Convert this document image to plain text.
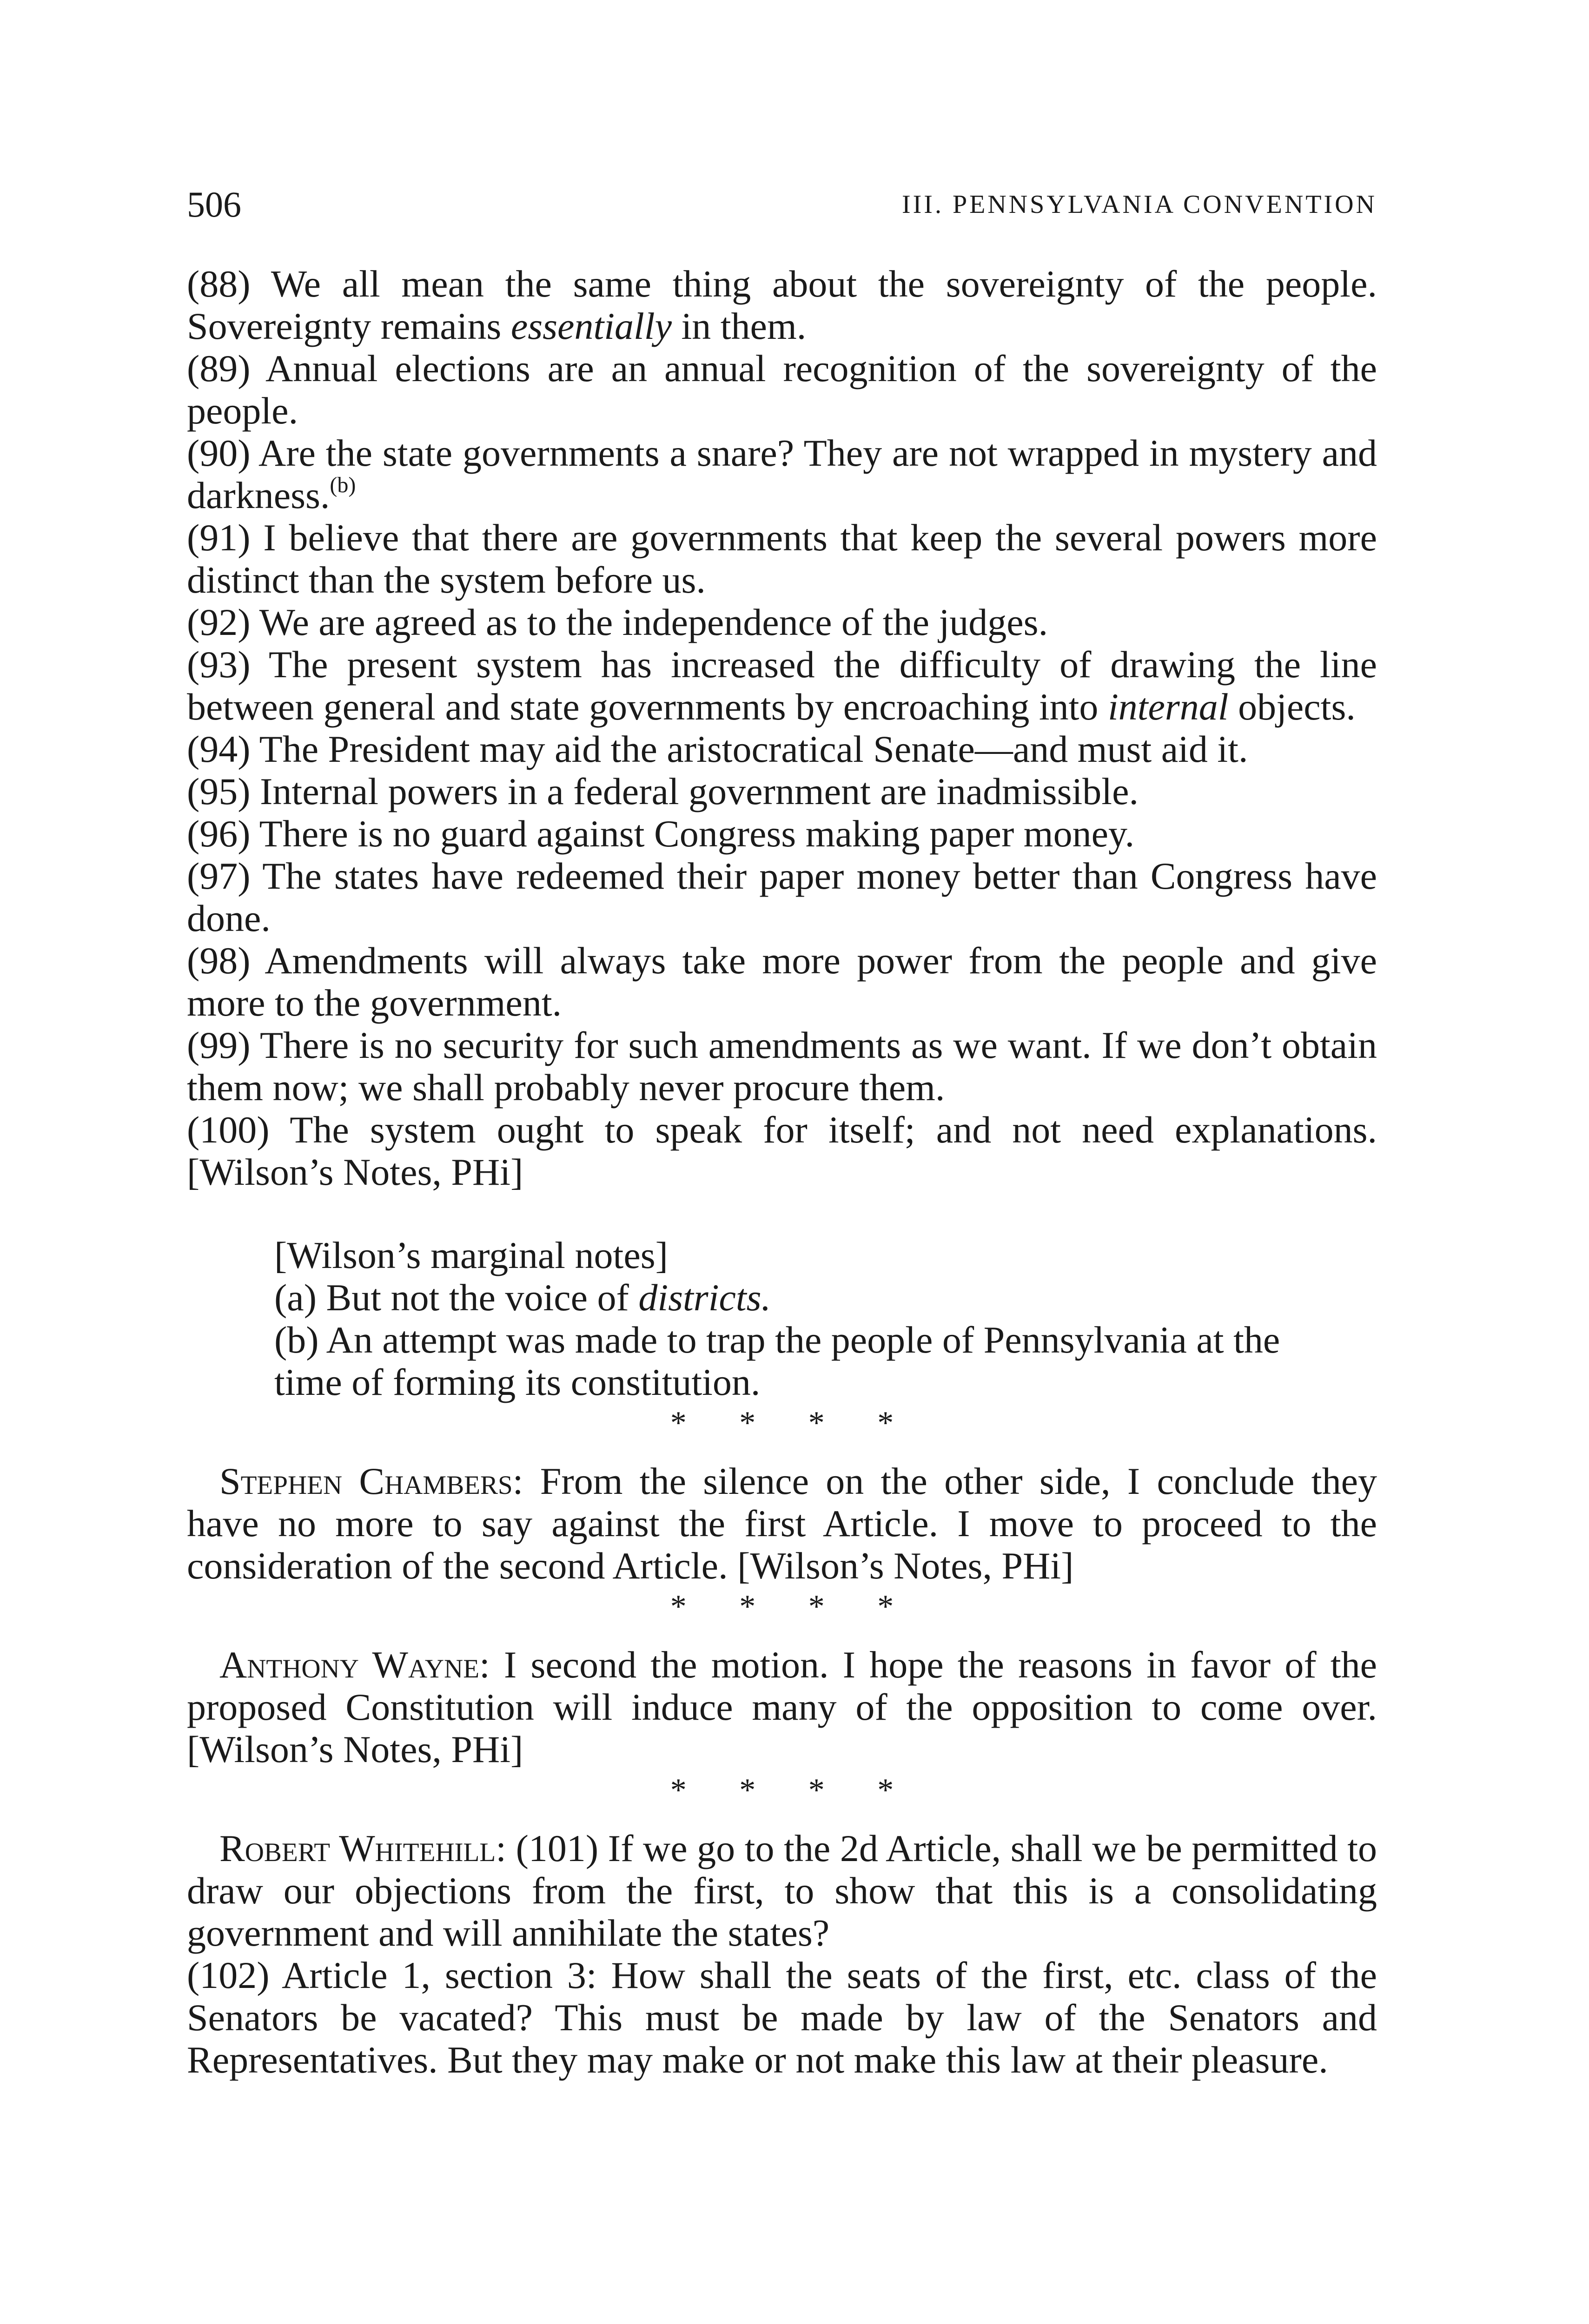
506	III. PENNSYLVANIA CONVENTION

(88) We all mean the same thing about the sovereignty of the people. Sovereignty remains essentially in them.

(89) Annual elections are an annual recognition of the sovereignty of the people.

(90) Are the state governments a snare? They are not wrapped in mystery and darkness.$^{(b)}$

(91) I believe that there are governments that keep the several powers more distinct than the system before us.

(92) We are agreed as to the independence of the judges.

(93) The present system has increased the difficulty of drawing the line between general and state governments by encroaching into internal objects.

(94) The President may aid the aristocratical Senate—and must aid it.

(95) Internal powers in a federal government are inadmissible.

(96) There is no guard against Congress making paper money.

(97) The states have redeemed their paper money better than Congress have done.

(98) Amendments will always take more power from the people and give more to the government.

(99) There is no security for such amendments as we want. If we don’t obtain them now; we shall probably never procure them.

(100) The system ought to speak for itself; and not need explanations. [Wilson’s Notes, PHi]

[Wilson’s marginal notes]

(a) But not the voice of districts.

(b) An attempt was made to trap the people of Pennsylvania at the time of forming its constitution.

* * * *

Stephen Chambers: From the silence on the other side, I conclude they have no more to say against the first Article. I move to proceed to the consideration of the second Article. [Wilson’s Notes, PHi]

* * * *

Anthony Wayne: I second the motion. I hope the reasons in favor of the proposed Constitution will induce many of the opposition to come over. [Wilson’s Notes, PHi]

* * * *

Robert Whitehill: (101) If we go to the 2d Article, shall we be permitted to draw our objections from the first, to show that this is a consolidating government and will annihilate the states?

(102) Article 1, section 3: How shall the seats of the first, etc. class of the Senators be vacated? This must be made by law of the Senators and Representatives. But they may make or not make this law at their pleasure.
